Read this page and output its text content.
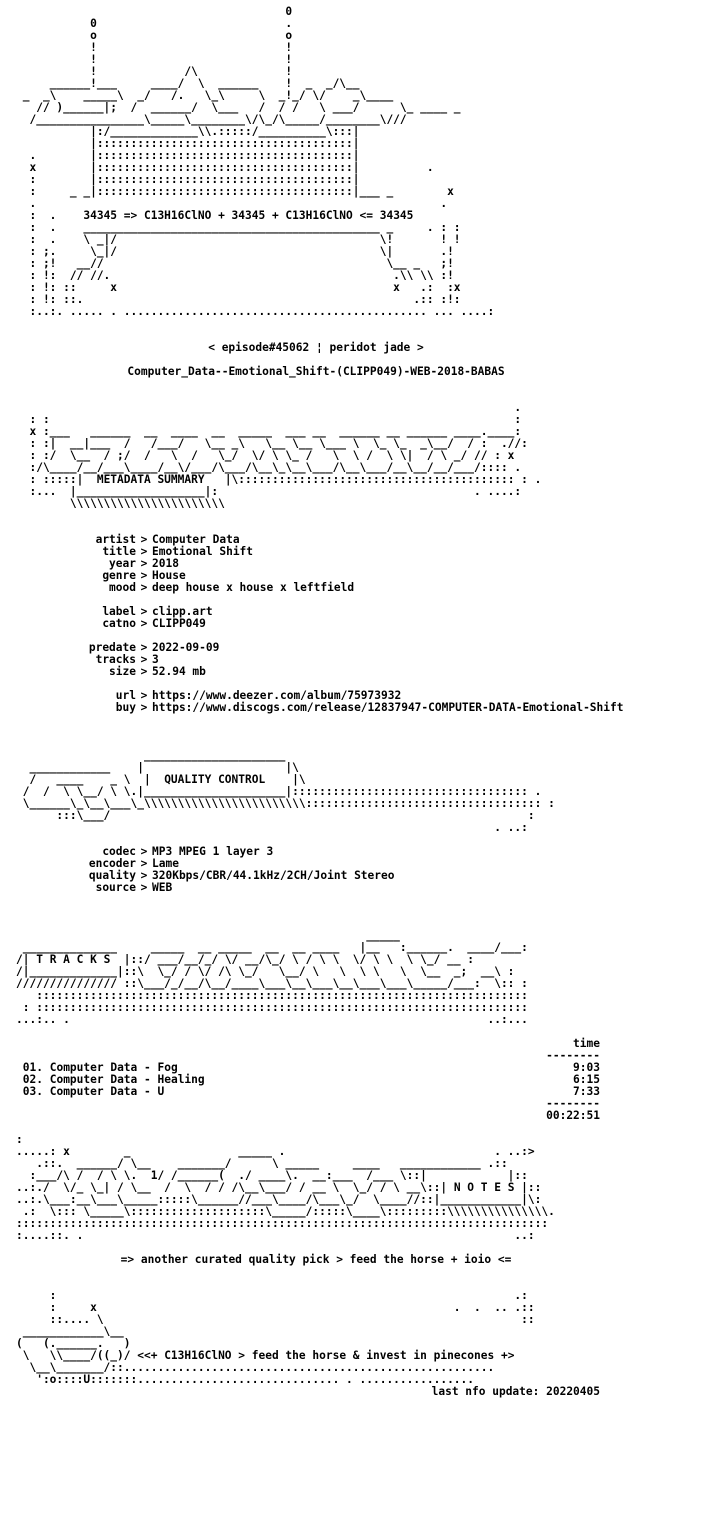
0
0                            .
o                            o
!                            !
!                            !
!             /\             !
______!___     ____/  \  ______    !  _  _/\__
_  _\    _____\  _/   /.   \_\     \  _!_/ \/    _\____
// )______|;  /  ______/  \___   /  / /   \ ___/      \_ ____ _
/________________\_____\________\/\_/\_____/________\///
|:/_____________\\.:::::/__________\:::|
|::::::::::::::::::::::::::::::::::::::|
.        |::::::::::::::::::::::::::::::::::::::|
x        |::::::::::::::::::::::::::::::::::::::|          .
:        |::::::::::::::::::::::::::::::::::::::|
:     _ _|::::::::::::::::::::::::::::::::::::::|___ _        x
.                                                            .
:  .    34345 => C13H16ClNO + 34345 + C13H16ClNO <= 34345
:  .    ____________________________________________ _     . : :
:  .    \ _|/                                       \!       ! !
: ;.     \_|/                                       \|       .!
: ;!   __//                                          \__ _   ;!
: !:  // //.                                          .\\ \\ :!
: !: ::     x                                         x   .:  :x
: !: ::.                                                 .:: :!:
:..:. ..... . ............................................. ... ....:
< episode#45062 ¦ peridot jade >
Computer_Data--Emotional_Shift-(CLIPP049)-WEB-2018-BABAS
.
: :                                                                     :
x :___   ______  __  ____  __  _____  ___ __  ______ __ ______ ____.____:
: :|  __|___  /   /___/   \__ _\   \__ \__ \___ \  \_ \_  _\__/  / :  .//:
: :/  \__  / ;/  /   \  /   \_/  \/ \ \_ /   \  \ /  \ \|  / \ _/ // : x
:/\____/__/___\____/__\/___/\___/\__\_\__\___/\__\___/__\__/__/___/:::: .
: :::::|  METADATA SUMMARY   |\::::::::::::::::::::::::::::::::::::::::: : .
:...  |___________________|:                                      . ....:
\\\\\\\\\\\\\\\\\\\\\\\
artist > Computer Data
title > Emotional Shift
year > 2018
genre > House
mood > deep house x house x leftfield
label > clipp.art
catno > CLIPP049
predate > 2022-09-09
tracks > 3
size > 52.94 mb
url > https://www.deezer.com/album/75973932
buy > https://www.discogs.com/release/12837947-COMPUTER-DATA-Emotional-Shift
_____________________
____________    |                     |\
/   ____    _ \  |  QUALITY CONTROL    |\
/  /  \ \__/ \ \.|_____________________|::::::::::::::::::::::::::::::::::: .
\______\_\__\___\_\\\\\\\\\\\\\\\\\\\\\\\\::::::::::::::::::::::::::::::::::: :
:::\___/                                                              :
. ..:
codec > MP3 MPEG 1 layer 3
encoder > Lame
quality > 320Kbps/CBR/44.1kHz/2CH/Joint Stereo
source > WEB
_____
______________     _____  __ _____  __  __ ____   |__   :______.  ____/___:
/| T R A C K S  |::/ ___/__/_/ \/ __/\_/ \ / \ \  \/ \ \  \ \_/ __ :
/|_____________|::\  \_/ / \/ /\ \_/   \__/ \   \  \ \   \  \__  _;  __\ :
/////////////// ::\___/_/__/\__/____\___\__\___\__\___\___\_____/___:  \:: :
:::::::::::::::::::::::::::::::::::::::::::::::::::::::::::::::::::::::::
: :::::::::::::::::::::::::::::::::::::::::::::::::::::::::::::::::::::::::
...:.. .                                                              ..:...

time

--------
01. Computer Data - Fog	9:03
02. Computer Data - Healing	6:15
03. Computer Data - U	7:33

--------

00:22:51
:
.....: x        _                _____ .                               . ..:>
.::.  ______/ \__    _______/      \ _____     ____   ____________ .::
:___/\ /  / \ \.  1/ /______(  ./ ____\.  __:___  /___ \::|            |::
..:./  \/_ \_| / \__  /  \  / / /\__\___/ / __ \  \_/ / \ __\::| N O T E S |::
..:.\___:__\___\_____:::::\______//___\____/\___\_/  \____//::|____________|\:
.:  \::: \_____\::::::::::::::::::::\_____/:::::\____\:::::::::\\\\\\\\\\\\\\\.
:::::::::::::::::::::::::::::::::::::::::::::::::::::::::::::::::::::::::::::::
:....::. .                                                                ..:
=> another curated quality pick > feed the horse + ioio <=
:                                                                    .:
:     x                                                     .  .  .. .::
::.... \                                                              ::
____________\__
(   (.______.   )
\   \\____/((_)/ <<+ C13H16ClNO > feed the horse & invest in pinecones +>
\__\_______/::.......................................................
':o::::U:::::::.............................. . .................
last nfo update: 20220405
